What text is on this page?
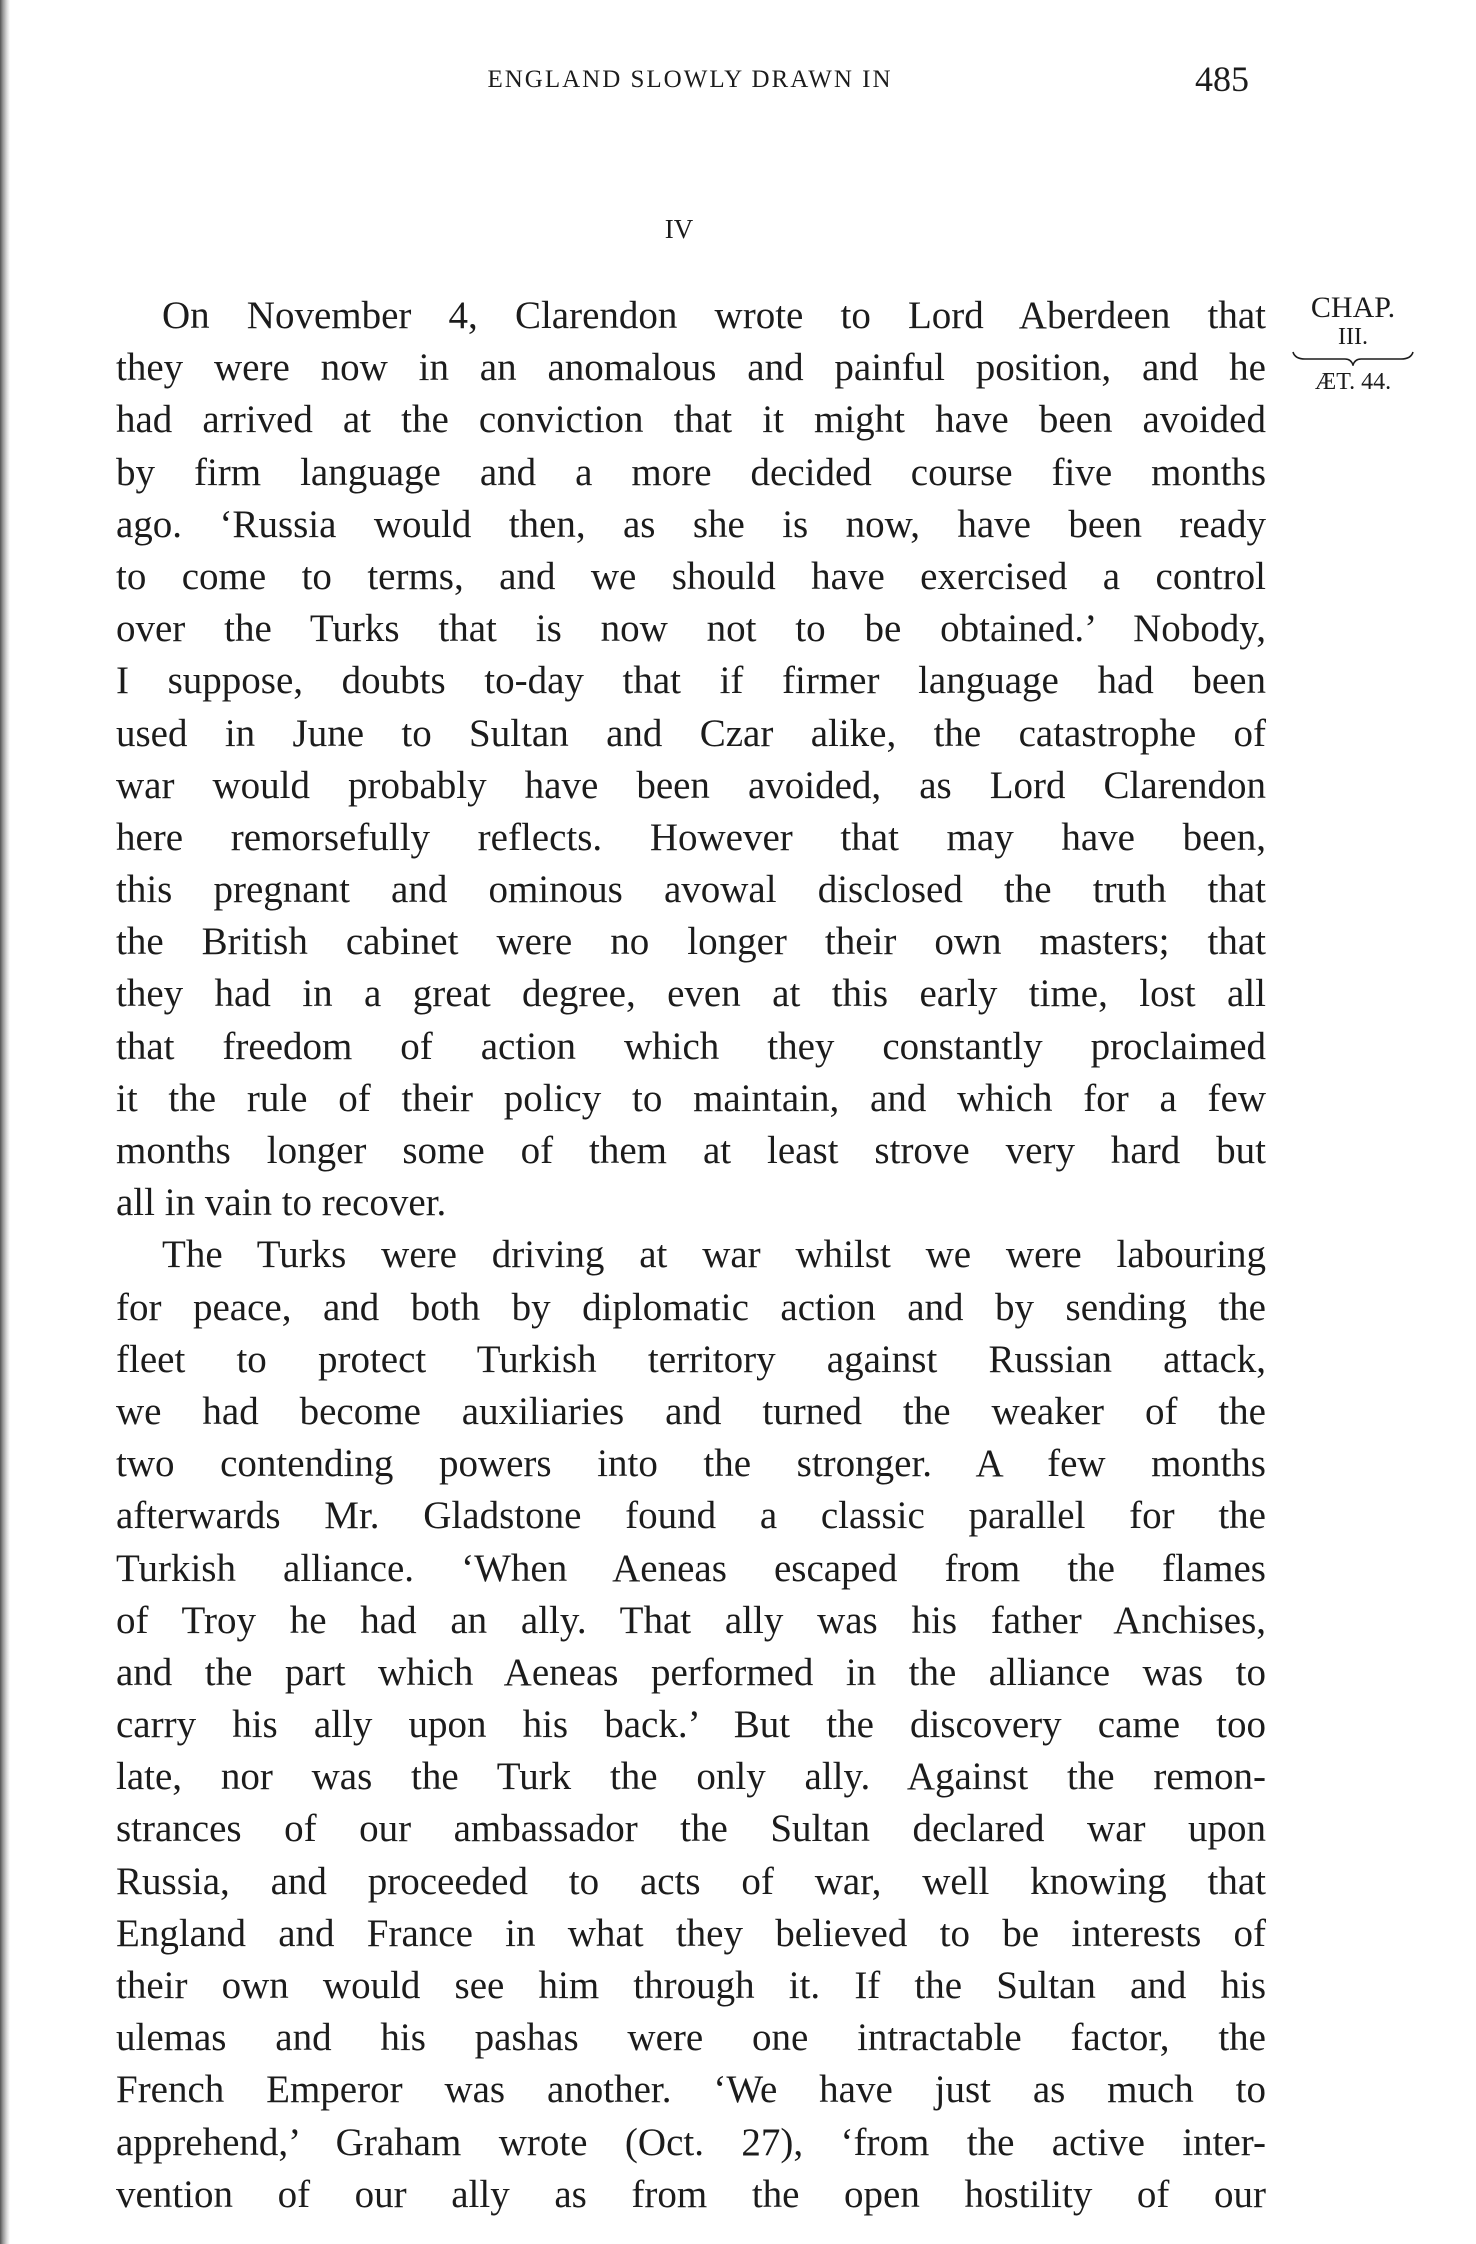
ENGLAND SLOWLY DRAWN IN	485
IV
CHAP.
III.
ÆT. 44.
On November 4, Clarendon wrote to Lord Aberdeen that
they were now in an anomalous and painful position, and he
had arrived at the conviction that it might have been avoided
by firm language and a more decided course five months
ago. ‘Russia would then, as she is now, have been ready
to come to terms, and we should have exercised a control
over the Turks that is now not to be obtained.’ Nobody,
I suppose, doubts to-day that if firmer language had been
used in June to Sultan and Czar alike, the catastrophe of
war would probably have been avoided, as Lord Clarendon
here remorsefully reflects. However that may have been,
this pregnant and ominous avowal disclosed the truth that
the British cabinet were no longer their own masters; that
they had in a great degree, even at this early time, lost all
that freedom of action which they constantly proclaimed
it the rule of their policy to maintain, and which for a few
months longer some of them at least strove very hard but
all in vain to recover.
The Turks were driving at war whilst we were labouring
for peace, and both by diplomatic action and by sending the
fleet to protect Turkish territory against Russian attack,
we had become auxiliaries and turned the weaker of the
two contending powers into the stronger. A few months
afterwards Mr. Gladstone found a classic parallel for the
Turkish alliance. ‘When Aeneas escaped from the flames
of Troy he had an ally. That ally was his father Anchises,
and the part which Aeneas performed in the alliance was to
carry his ally upon his back.’ But the discovery came too
late, nor was the Turk the only ally. Against the remon-
strances of our ambassador the Sultan declared war upon
Russia, and proceeded to acts of war, well knowing that
England and France in what they believed to be interests of
their own would see him through it. If the Sultan and his
ulemas and his pashas were one intractable factor, the
French Emperor was another. ‘We have just as much to
apprehend,’ Graham wrote (Oct. 27), ‘from the active inter-
vention of our ally as from the open hostility of our
